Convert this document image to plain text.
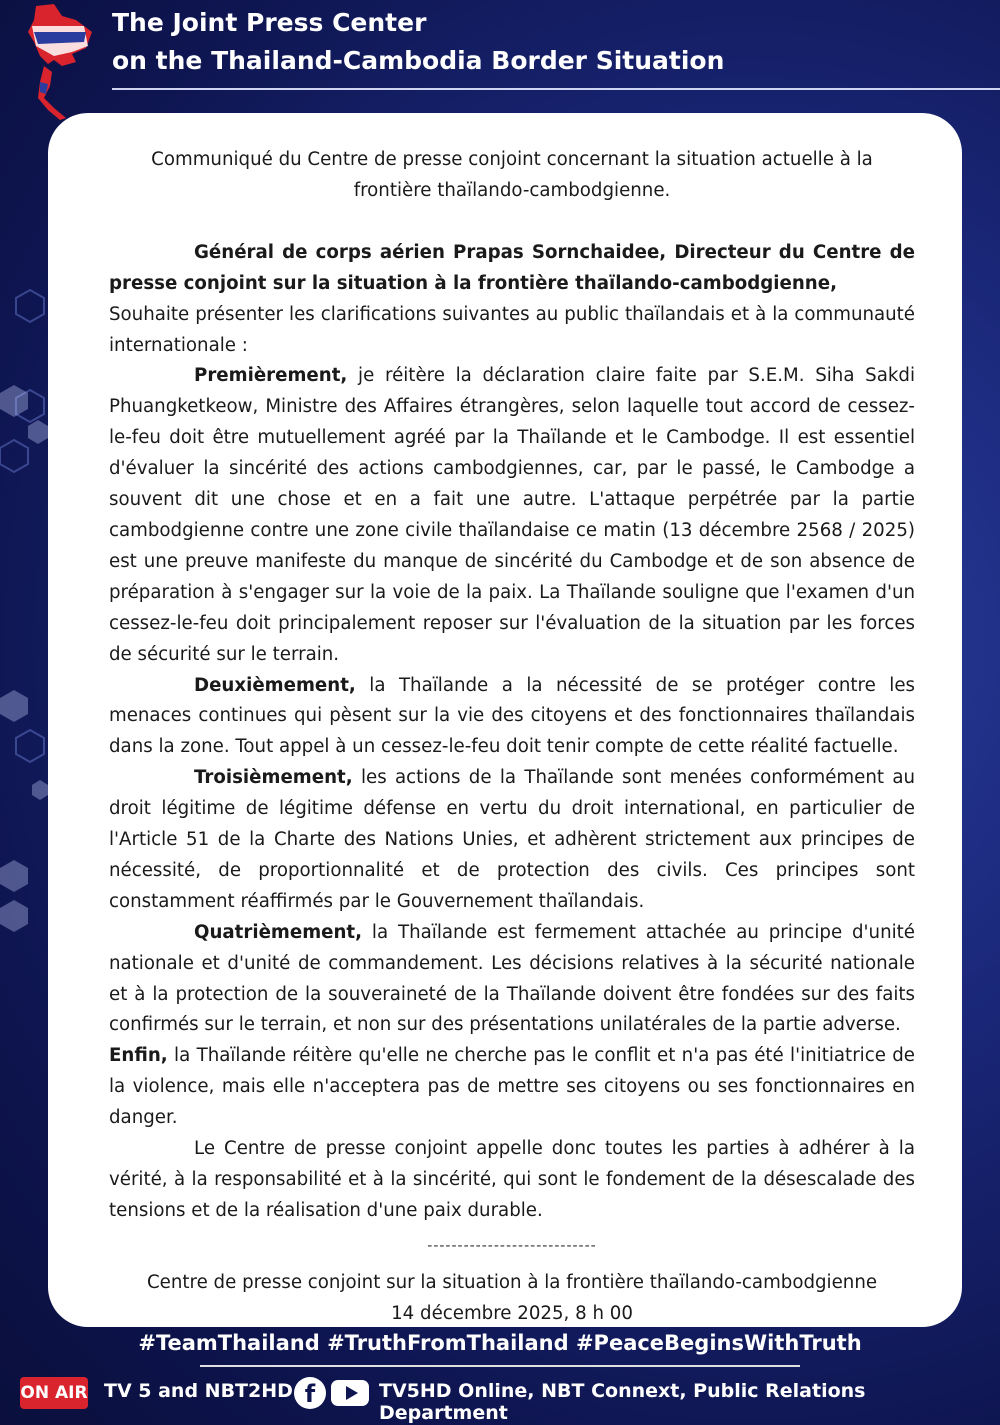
The Joint Press Center
on the Thailand-Cambodia Border Situation

Communiqué du Centre de presse conjoint concernant la situation actuelle à la
frontière thaïlando-cambodgienne.

Général de corps aérien Prapas Sornchaidee, Directeur du Centre de presse conjoint sur la situation à la frontière thaïlando-cambodgienne,

Souhaite présenter les clarifications suivantes au public thaïlandais et à la communauté internationale :

Premièrement, je réitère la déclaration claire faite par S.E.M. Siha Sakdi Phuangketkeow, Ministre des Affaires étrangères, selon laquelle tout accord de cessez-le-feu doit être mutuellement agréé par la Thaïlande et le Cambodge. Il est essentiel d'évaluer la sincérité des actions cambodgiennes, car, par le passé, le Cambodge a souvent dit une chose et en a fait une autre. L'attaque perpétrée par la partie cambodgienne contre une zone civile thaïlandaise ce matin (13 décembre 2568 / 2025) est une preuve manifeste du manque de sincérité du Cambodge et de son absence de préparation à s'engager sur la voie de la paix. La Thaïlande souligne que l'examen d'un cessez-le-feu doit principalement reposer sur l'évaluation de la situation par les forces de sécurité sur le terrain.

Deuxièmement, la Thaïlande a la nécessité de se protéger contre les menaces continues qui pèsent sur la vie des citoyens et des fonctionnaires thaïlandais dans la zone. Tout appel à un cessez-le-feu doit tenir compte de cette réalité factuelle.

Troisièmement, les actions de la Thaïlande sont menées conformément au droit légitime de légitime défense en vertu du droit international, en particulier de l'Article 51 de la Charte des Nations Unies, et adhèrent strictement aux principes de nécessité, de proportionnalité et de protection des civils. Ces principes sont constamment réaffirmés par le Gouvernement thaïlandais.

Quatrièmement, la Thaïlande est fermement attachée au principe d'unité nationale et d'unité de commandement. Les décisions relatives à la sécurité nationale et à la protection de la souveraineté de la Thaïlande doivent être fondées sur des faits confirmés sur le terrain, et non sur des présentations unilatérales de la partie adverse.

Enfin, la Thaïlande réitère qu'elle ne cherche pas le conflit et n'a pas été l'initiatrice de la violence, mais elle n'acceptera pas de mettre ses citoyens ou ses fonctionnaires en danger.

Le Centre de presse conjoint appelle donc toutes les parties à adhérer à la vérité, à la responsabilité et à la sincérité, qui sont le fondement de la désescalade des tensions et de la réalisation d'une paix durable.

----------------------------

Centre de presse conjoint sur la situation à la frontière thaïlando-cambodgienne
14 décembre 2025, 8 h 00

#TeamThailand #TruthFromThailand #PeaceBeginsWithTruth
ON AIR TV 5 and NBT2HD f	TV5HD Online, NBT Connext, Public Relations Department
